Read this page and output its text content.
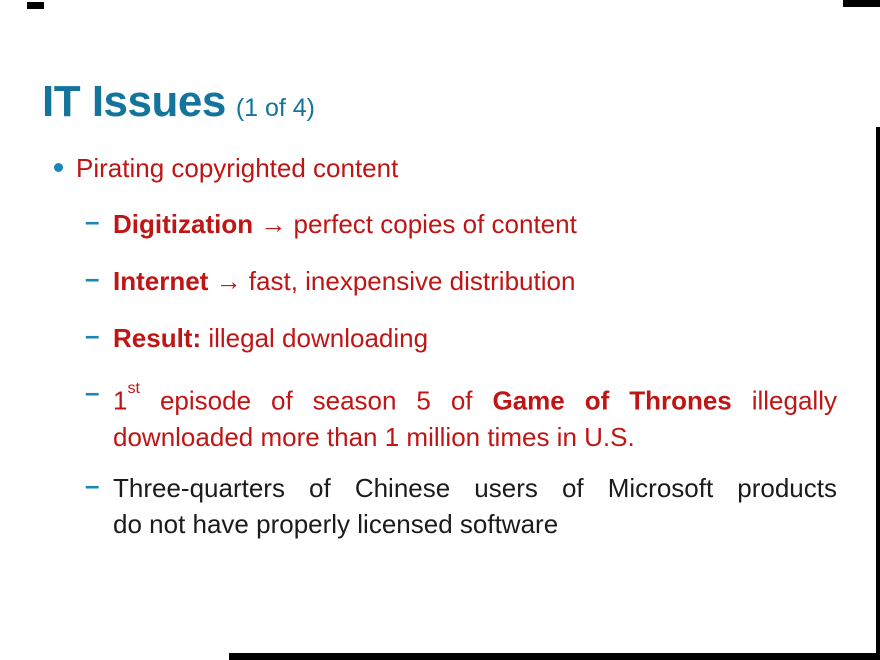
IT Issues (1 of 4)
Pirating copyrighted content
– Digitization → perfect copies of content
– Internet → fast, inexpensive distribution
– Result: illegal downloading
– 1st episode of season 5 of Game of Thrones illegally
downloaded more than 1 million times in U.S.
– Three-quarters of Chinese users of Microsoft products
do not have properly licensed software
